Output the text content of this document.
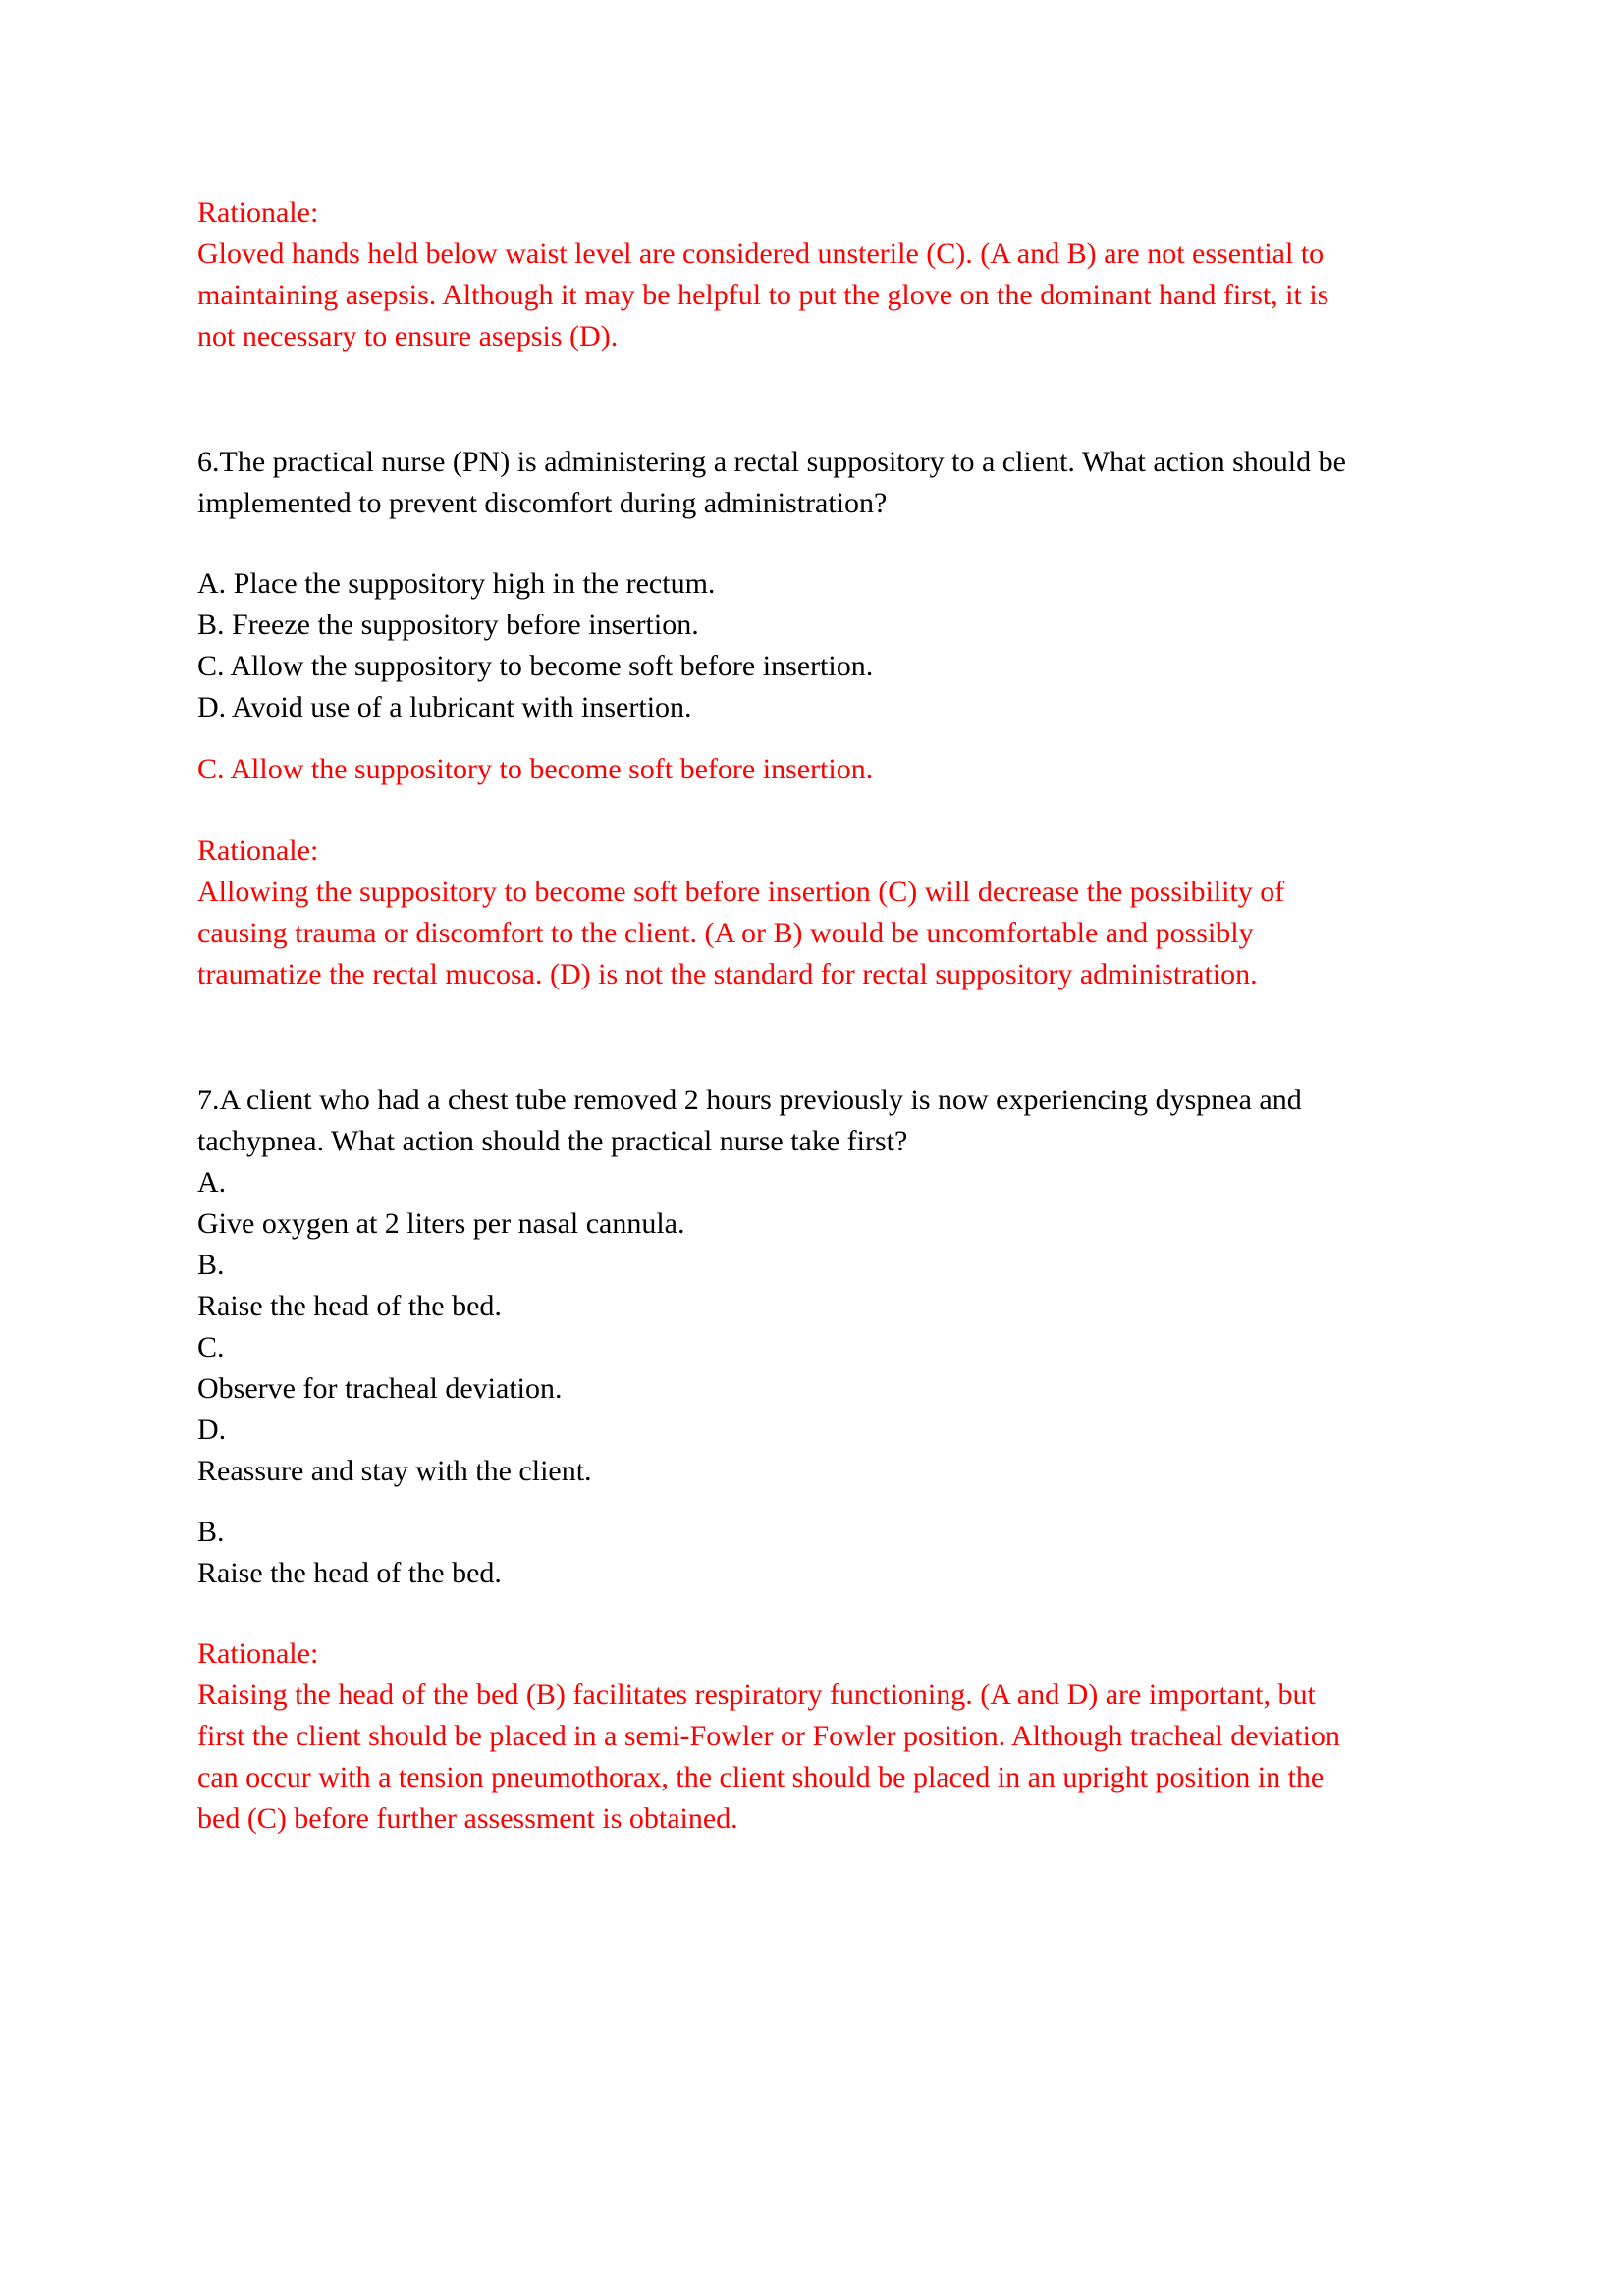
Rationale:
Gloved hands held below waist level are considered unsterile (C). (A and B) are not essential to
maintaining asepsis. Although it may be helpful to put the glove on the dominant hand first, it is
not necessary to ensure asepsis (D).
6.The practical nurse (PN) is administering a rectal suppository to a client. What action should be
implemented to prevent discomfort during administration?
A. Place the suppository high in the rectum.
B. Freeze the suppository before insertion.
C. Allow the suppository to become soft before insertion.
D. Avoid use of a lubricant with insertion.
C. Allow the suppository to become soft before insertion.
Rationale:
Allowing the suppository to become soft before insertion (C) will decrease the possibility of
causing trauma or discomfort to the client. (A or B) would be uncomfortable and possibly
traumatize the rectal mucosa. (D) is not the standard for rectal suppository administration.
7.A client who had a chest tube removed 2 hours previously is now experiencing dyspnea and
tachypnea. What action should the practical nurse take first?
A.
Give oxygen at 2 liters per nasal cannula.
B.
Raise the head of the bed.
C.
Observe for tracheal deviation.
D.
Reassure and stay with the client.
B.
Raise the head of the bed.
Rationale:
Raising the head of the bed (B) facilitates respiratory functioning. (A and D) are important, but
first the client should be placed in a semi-Fowler or Fowler position. Although tracheal deviation
can occur with a tension pneumothorax, the client should be placed in an upright position in the
bed (C) before further assessment is obtained.
